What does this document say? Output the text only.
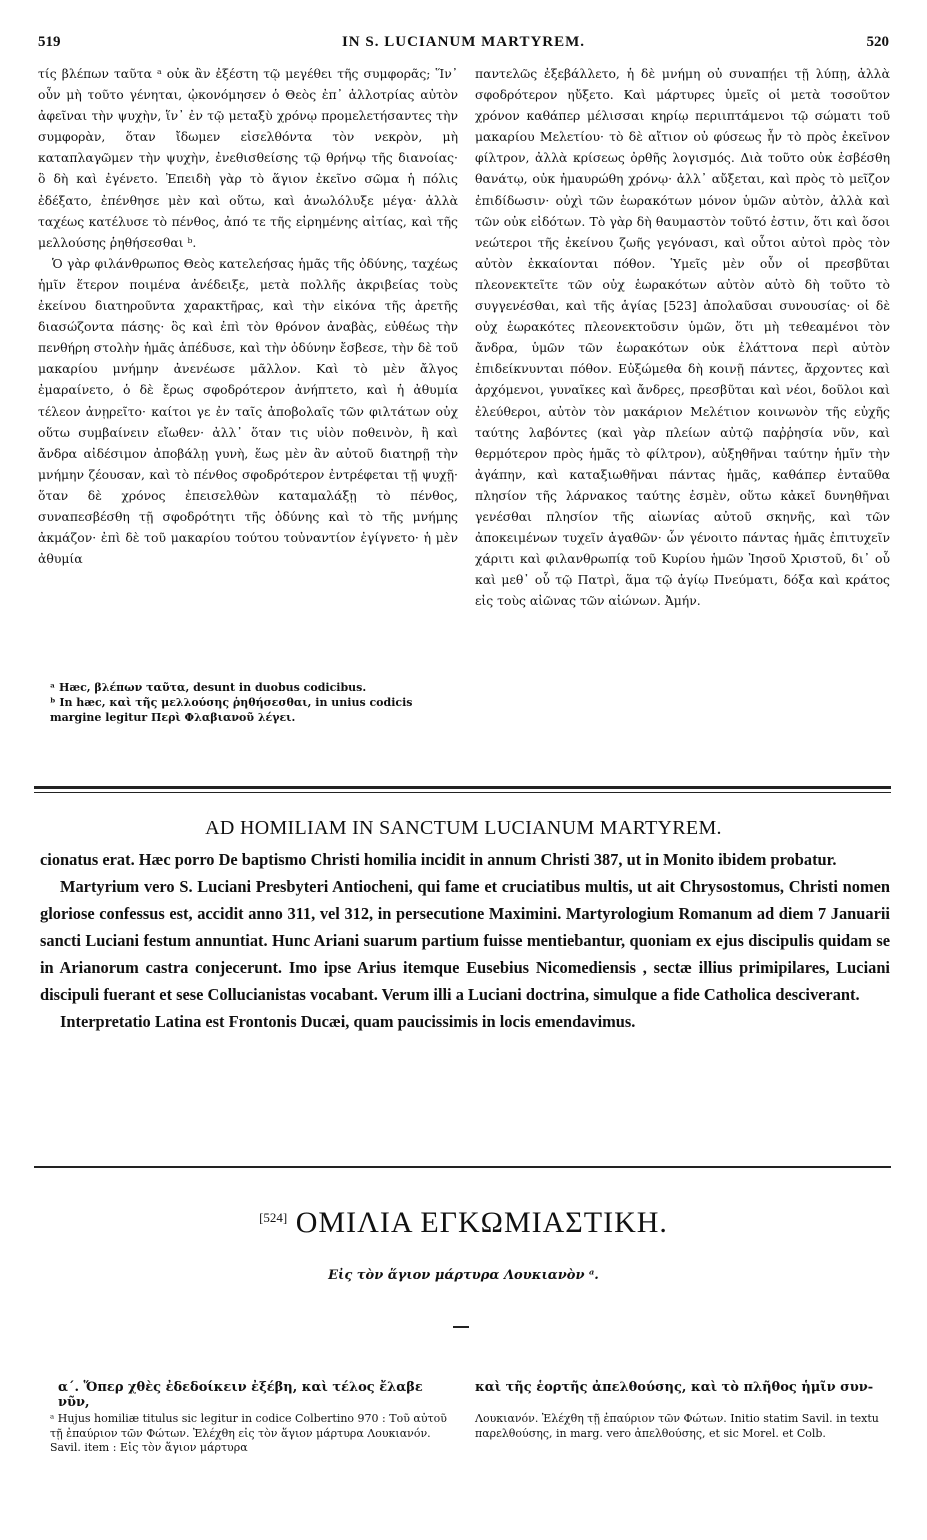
519	IN S. LUCIANUM MARTYREM.	520

τίς βλέπων ταῦτα ᵃ οὐκ ἂν ἐξέστη τῷ μεγέθει τῆς συμφορᾶς; Ἵν᾽ οὖν μὴ τοῦτο γένηται, ᾠκονόμησεν ὁ Θεὸς ἐπ᾽ ἀλλοτρίας αὐτὸν ἀφεῖναι τὴν ψυχὴν, ἵν᾽ ἐν τῷ μεταξὺ χρόνῳ προμελετήσαντες τὴν συμφορὰν, ὅταν ἴδωμεν εἰσελθόντα τὸν νεκρὸν, μὴ καταπλαγῶμεν τὴν ψυχὴν, ἐνεθισθείσης τῷ θρήνῳ τῆς διανοίας· ὃ δὴ καὶ ἐγένετο. Ἐπειδὴ γὰρ τὸ ἅγιον ἐκεῖνο σῶμα ἡ πόλις ἐδέξατο, ἐπένθησε μὲν καὶ οὕτω, καὶ ἀνωλόλυξε μέγα· ἀλλὰ ταχέως κατέλυσε τὸ πένθος, ἀπό τε τῆς εἰρημένης αἰτίας, καὶ τῆς μελλούσης ῥηθήσεσθαι ᵇ.

Ὁ γὰρ φιλάνθρωπος Θεὸς κατελεήσας ἡμᾶς τῆς ὀδύνης, ταχέως ἡμῖν ἕτερον ποιμένα ἀνέδειξε, μετὰ πολλῆς ἀκριβείας τοὺς ἐκείνου διατηροῦντα χαρακτῆρας, καὶ τὴν εἰκόνα τῆς ἀρετῆς διασώζοντα πάσης· ὃς καὶ ἐπὶ τὸν θρόνον ἀναβὰς, εὐθέως τὴν πενθήρη στολὴν ἡμᾶς ἀπέδυσε, καὶ τὴν ὀδύνην ἔσβεσε, τὴν δὲ τοῦ μακαρίου μνήμην ἀνενέωσε μᾶλλον. Καὶ τὸ μὲν ἄλγος ἐμαραίνετο, ὁ δὲ ἔρως σφοδρότερον ἀνήπτετο, καὶ ἡ ἀθυμία τέλεον ἀνῃρεῖτο· καίτοι γε ἐν ταῖς ἀποβολαῖς τῶν φιλτάτων οὐχ οὕτω συμβαίνειν εἴωθεν· ἀλλ᾽ ὅταν τις υἱὸν ποθεινὸν, ἢ καὶ ἄνδρα αἰδέσιμον ἀποβάλῃ γυνὴ, ἕως μὲν ἂν αὐτοῦ διατηρῇ τὴν μνήμην ζέουσαν, καὶ τὸ πένθος σφοδρότερον ἐντρέφεται τῇ ψυχῇ· ὅταν δὲ χρόνος ἐπεισελθὼν καταμαλάξῃ τὸ πένθος, συναπεσβέσθη τῇ σφοδρότητι τῆς ὀδύνης καὶ τὸ τῆς μνήμης ἀκμάζον· ἐπὶ δὲ τοῦ μακαρίου τούτου τοὐναντίον ἐγίγνετο· ἡ μὲν ἀθυμία

ᵃ Hæc, βλέπων ταῦτα, desunt in duobus codicibus.

ᵇ In hæc, καὶ τῆς μελλούσης ῥηθήσεσθαι, in unius codicis margine legitur Περὶ Φλαβιανοῦ λέγει.

παντελῶς ἐξεβάλλετο, ἡ δὲ μνήμη οὐ συναπῄει τῇ λύπῃ, ἀλλὰ σφοδρότερον ηὔξετο. Καὶ μάρτυρες ὑμεῖς οἱ μετὰ τοσοῦτον χρόνον καθάπερ μέλισσαι κηρίῳ περιιπτάμενοι τῷ σώματι τοῦ μακαρίου Μελετίου· τὸ δὲ αἴτιον οὐ φύσεως ἦν τὸ πρὸς ἐκεῖνον φίλτρον, ἀλλὰ κρίσεως ὀρθῆς λογισμός. Διὰ τοῦτο οὐκ ἐσβέσθη θανάτῳ, οὐκ ἠμαυρώθη χρόνῳ· ἀλλ᾽ αὔξεται, καὶ πρὸς τὸ μεῖζον ἐπιδίδωσιν· οὐχὶ τῶν ἑωρακότων μόνον ὑμῶν αὐτὸν, ἀλλὰ καὶ τῶν οὐκ εἰδότων. Τὸ γὰρ δὴ θαυμαστὸν τοῦτό ἐστιν, ὅτι καὶ ὅσοι νεώτεροι τῆς ἐκείνου ζωῆς γεγόνασι, καὶ οὗτοι αὐτοὶ πρὸς τὸν αὐτὸν ἐκκαίονται πόθον. Ὑμεῖς μὲν οὖν οἱ πρεσβῦται πλεονεκτεῖτε τῶν οὐχ ἑωρακότων αὐτὸν αὐτὸ δὴ τοῦτο τὸ συγγενέσθαι, καὶ τῆς ἁγίας [523] ἀπολαῦσαι συνουσίας· οἱ δὲ οὐχ ἑωρακότες πλεονεκτοῦσιν ὑμῶν, ὅτι μὴ τεθεαμένοι τὸν ἄνδρα, ὑμῶν τῶν ἑωρακότων οὐκ ἐλάττονα περὶ αὐτὸν ἐπιδείκνυνται πόθον. Εὐξώμεθα δὴ κοινῇ πάντες, ἄρχοντες καὶ ἀρχόμενοι, γυναῖκες καὶ ἄνδρες, πρεσβῦται καὶ νέοι, δοῦλοι καὶ ἐλεύθεροι, αὐτὸν τὸν μακάριον Μελέτιον κοινωνὸν τῆς εὐχῆς ταύτης λαβόντες (καὶ γὰρ πλείων αὐτῷ παῤῥησία νῦν, καὶ θερμότερον πρὸς ἡμᾶς τὸ φίλτρον), αὐξηθῆναι ταύτην ἡμῖν τὴν ἀγάπην, καὶ καταξιωθῆναι πάντας ἡμᾶς, καθάπερ ἐνταῦθα πλησίον τῆς λάρνακος ταύτης ἐσμὲν, οὕτω κἀκεῖ δυνηθῆναι γενέσθαι πλησίον τῆς αἰωνίας αὐτοῦ σκηνῆς, καὶ τῶν ἀποκειμένων τυχεῖν ἀγαθῶν· ὧν γένοιτο πάντας ἡμᾶς ἐπιτυχεῖν χάριτι καὶ φιλανθρωπίᾳ τοῦ Κυρίου ἡμῶν Ἰησοῦ Χριστοῦ, δι᾽ οὗ καὶ μεθ᾽ οὗ τῷ Πατρὶ, ἅμα τῷ ἁγίῳ Πνεύματι, δόξα καὶ κράτος εἰς τοὺς αἰῶνας τῶν αἰώνων. Ἀμήν.

AD HOMILIAM IN SANCTUM LUCIANUM MARTYREM.

cionatus erat. Hæc porro De baptismo Christi homilia incidit in annum Christi 387, ut in Monito ibidem probatur.

Martyrium vero S. Luciani Presbyteri Antiocheni, qui fame et cruciatibus multis, ut ait Chrysostomus, Christi nomen gloriose confessus est, accidit anno 311, vel 312, in persecutione Maximini. Martyrologium Romanum ad diem 7 Januarii sancti Luciani festum annuntiat. Hunc Ariani suarum partium fuisse mentiebantur, quoniam ex ejus discipulis quidam se in Arianorum castra conjecerunt. Imo ipse Arius itemque Eusebius Nicomediensis , sectæ illius primipilares, Luciani discipuli fuerant et sese Collucianistas vocabant. Verum illi a Luciani doctrina, simulque a fide Catholica desciverant.

Interpretatio Latina est Frontonis Ducæi, quam paucissimis in locis emendavimus.

[524] ΟΜΙΛΙΑ ΕΓΚΩΜΙΑΣΤΙΚΗ.
Εἰς τὸν ἅγιον μάρτυρα Λουκιανὸν ᵃ.
α΄. Ὅπερ χθὲς ἐδεδοίκειν ἐξέβη, καὶ τέλος ἔλαβε νῦν,
καὶ τῆς ἑορτῆς ἀπελθούσης, καὶ τὸ πλῆθος ἡμῖν συν-

ᵃ Hujus homiliæ titulus sic legitur in codice Colbertino 970 : Τοῦ αὐτοῦ τῇ ἐπαύριον τῶν Φώτων. Ἐλέχθη εἰς τὸν ἅγιον μάρτυρα Λουκιανόν. Savil. item : Εἰς τὸν ἅγιον μάρτυρα

Λουκιανόν. Ἐλέχθη τῇ ἐπαύριον τῶν Φώτων. Initio statim Savil. in textu παρελθούσης, in marg. vero ἀπελθούσης, et sic Morel. et Colb.
